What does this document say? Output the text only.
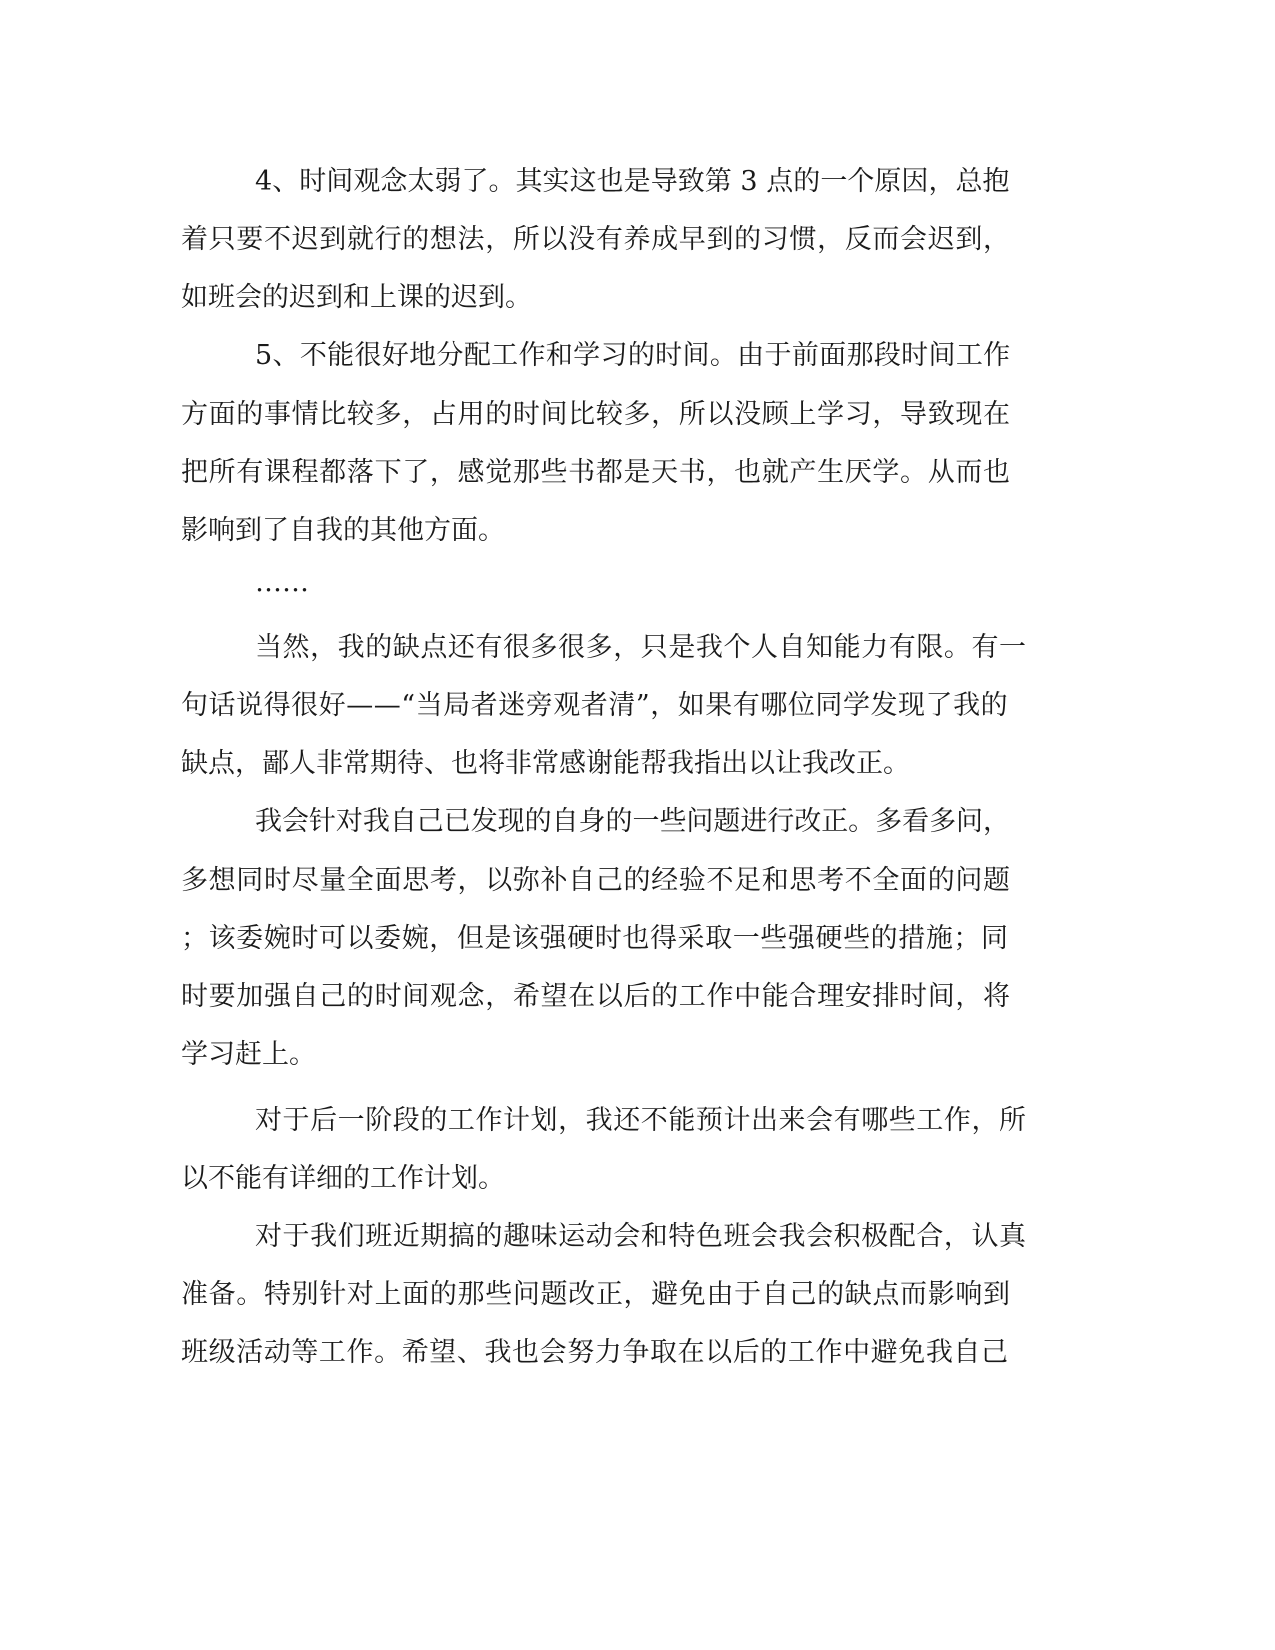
4、时间观念太弱了。其实这也是导致第 3 点的一个原因，总抱
着只要不迟到就行的想法，所以没有养成早到的习惯，反而会迟到，
如班会的迟到和上课的迟到。
5、不能很好地分配工作和学习的时间。由于前面那段时间工作
方面的事情比较多，占用的时间比较多，所以没顾上学习，导致现在
把所有课程都落下了，感觉那些书都是天书，也就产生厌学。从而也
影响到了自我的其他方面。
……
当然，我的缺点还有很多很多，只是我个人自知能力有限。有一
句话说得很好——“当局者迷旁观者清”，如果有哪位同学发现了我的
缺点，鄙人非常期待、也将非常感谢能帮我指出以让我改正。
我会针对我自己已发现的自身的一些问题进行改正。多看多问，
多想同时尽量全面思考，以弥补自己的经验不足和思考不全面的问题
；该委婉时可以委婉，但是该强硬时也得采取一些强硬些的措施；同
时要加强自己的时间观念，希望在以后的工作中能合理安排时间，将
学习赶上。
对于后一阶段的工作计划，我还不能预计出来会有哪些工作，所
以不能有详细的工作计划。
对于我们班近期搞的趣味运动会和特色班会我会积极配合，认真
准备。特别针对上面的那些问题改正，避免由于自己的缺点而影响到
班级活动等工作。希望、我也会努力争取在以后的工作中避免我自己
